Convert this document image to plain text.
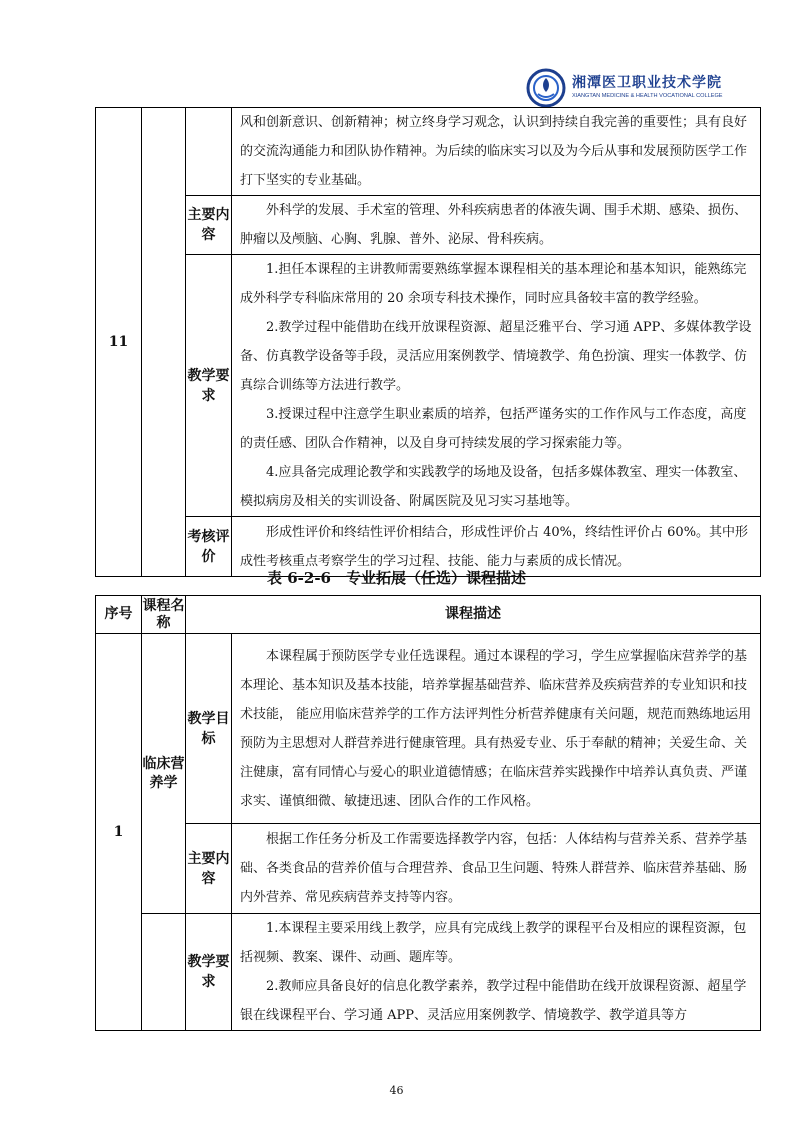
湘潭医卫职业技术学院
XIANGTAN MEDICINE & HEALTH VOCATIONAL COLLEGE
11			风和创新意识、创新精神；树立终身学习观念，认识到持续自我完善的重要性；具有良好的交流沟通能力和团队协作精神。为后续的临床实习以及为今后从事和发展预防医学工作打下坚实的专业基础。

		主要内容	外科学的发展、手术室的管理、外科疾病患者的体液失调、围手术期、感染、损伤、肿瘤以及颅脑、心胸、乳腺、普外、泌尿、骨科疾病。

		教学要求	1.担任本课程的主讲教师需要熟练掌握本课程相关的基本理论和基本知识，能熟练完成外科学专科临床常用的 20 余项专科技术操作，同时应具备较丰富的教学经验。

2.教学过程中能借助在线开放课程资源、超星泛雅平台、学习通 APP、多媒体教学设备、仿真教学设备等手段，灵活应用案例教学、情境教学、角色扮演、理实一体教学、仿真综合训练等方法进行教学。

3.授课过程中注意学生职业素质的培养，包括严谨务实的工作作风与工作态度，高度的责任感、团队合作精神，以及自身可持续发展的学习探索能力等。

4.应具备完成理论教学和实践教学的场地及设备，包括多媒体教室、理实一体教室、模拟病房及相关的实训设备、附属医院及见习实习基地等。

		考核评价	形成性评价和终结性评价相结合，形成性评价占 40%，终结性评价占 60%。其中形成性考核重点考察学生的学习过程、技能、能力与素质的成长情况。

表 6-2-6　专业拓展（任选）课程描述
序号	课程名称	课程描述	
1	临床营养学	教学目标	本课程属于预防医学专业任选课程。通过本课程的学习，学生应掌握临床营养学的基本理论、基本知识及基本技能，培养掌握基础营养、临床营养及疾病营养的专业知识和技术技能， 能应用临床营养学的工作方法评判性分析营养健康有关问题，规范而熟练地运用预防为主思想对人群营养进行健康管理。具有热爱专业、乐于奉献的精神；关爱生命、关注健康，富有同情心与爱心的职业道德情感；在临床营养实践操作中培养认真负责、严谨求实、谨慎细微、敏捷迅速、团队合作的工作风格。

		主要内容	根据工作任务分析及工作需要选择教学内容，包括：人体结构与营养关系、营养学基础、各类食品的营养价值与合理营养、食品卫生问题、特殊人群营养、临床营养基础、肠内外营养、常见疾病营养支持等内容。

		教学要求	1.本课程主要采用线上教学，应具有完成线上教学的课程平台及相应的课程资源，包括视频、教案、课件、动画、题库等。

2.教师应具备良好的信息化教学素养，教学过程中能借助在线开放课程资源、超星学银在线课程平台、学习通 APP、灵活应用案例教学、情境教学、教学道具等方

46
